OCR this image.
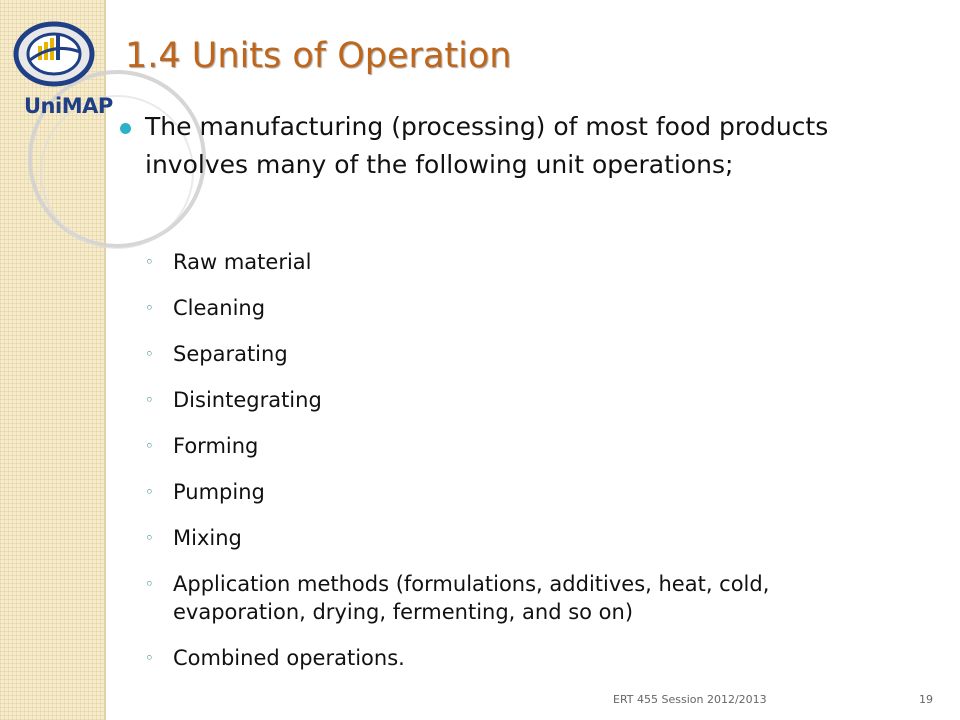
UniMAP
1.4 Units of Operation
The manufacturing (processing) of most food products involves many of the following unit operations;
◦ Raw material
◦ Cleaning
◦ Separating
◦ Disintegrating
◦ Forming
◦ Pumping
◦ Mixing
◦ Application methods (formulations, additives, heat, cold, evaporation, drying, fermenting, and so on)
◦ Combined operations.
ERT 455 Session 2012/2013	19
